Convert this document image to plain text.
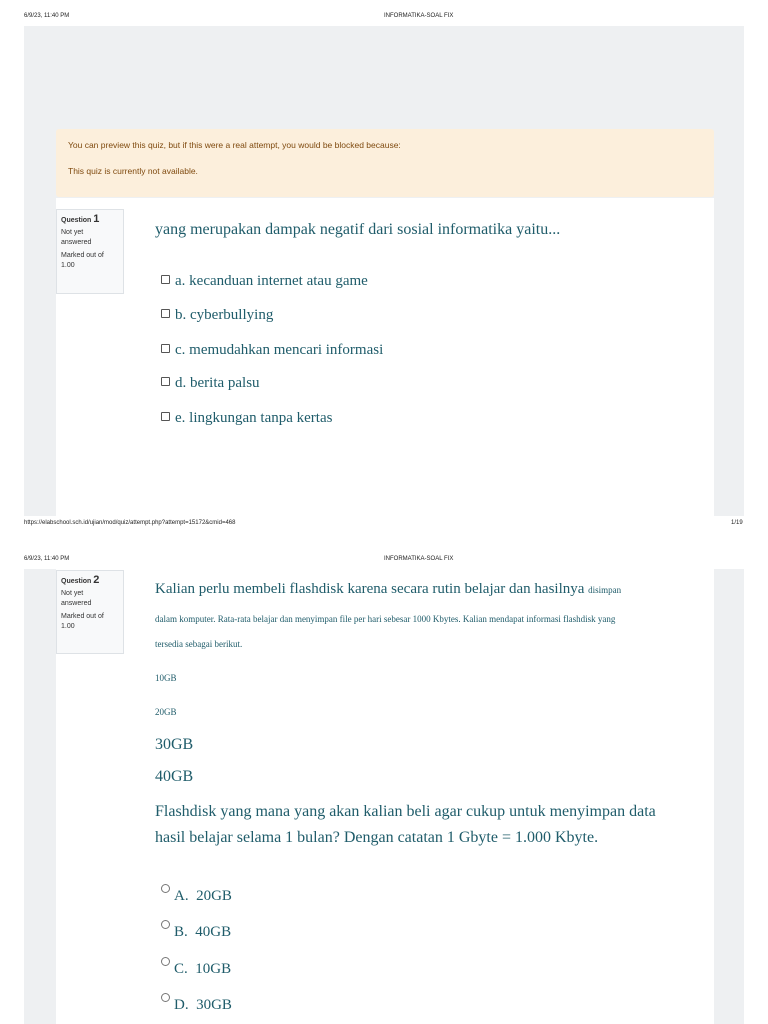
6/9/23, 11:40 PM	INFORMATIKA-SOAL FIX

You can preview this quiz, but if this were a real attempt, you would be blocked because:

This quiz is currently not available.

Question 1
Not yet
answered
Marked out of
1.00
yang merupakan dampak negatif dari sosial informatika yaitu...
a. kecanduan internet atau game
b. cyberbullying
c. memudahkan mencari informasi
d. berita palsu
e. lingkungan tanpa kertas
https://elabschool.sch.id/ujian/mod/quiz/attempt.php?attempt=15172&cmid=468	1/19
6/9/23, 11:40 PM	INFORMATIKA-SOAL FIX
Question 2
Not yet
answered
Marked out of
1.00
Kalian perlu membeli flashdisk karena secara rutin belajar dan hasilnya disimpan
dalam komputer. Rata-rata belajar dan menyimpan file per hari sebesar 1000 Kbytes. Kalian mendapat informasi flashdisk yang
tersedia sebagai berikut.
10GB
20GB
30GB
40GB
Flashdisk yang mana yang akan kalian beli agar cukup untuk menyimpan data
hasil belajar selama 1 bulan? Dengan catatan 1 Gbyte = 1.000 Kbyte.
A. 20GB
B. 40GB
C. 10GB
D. 30GB
